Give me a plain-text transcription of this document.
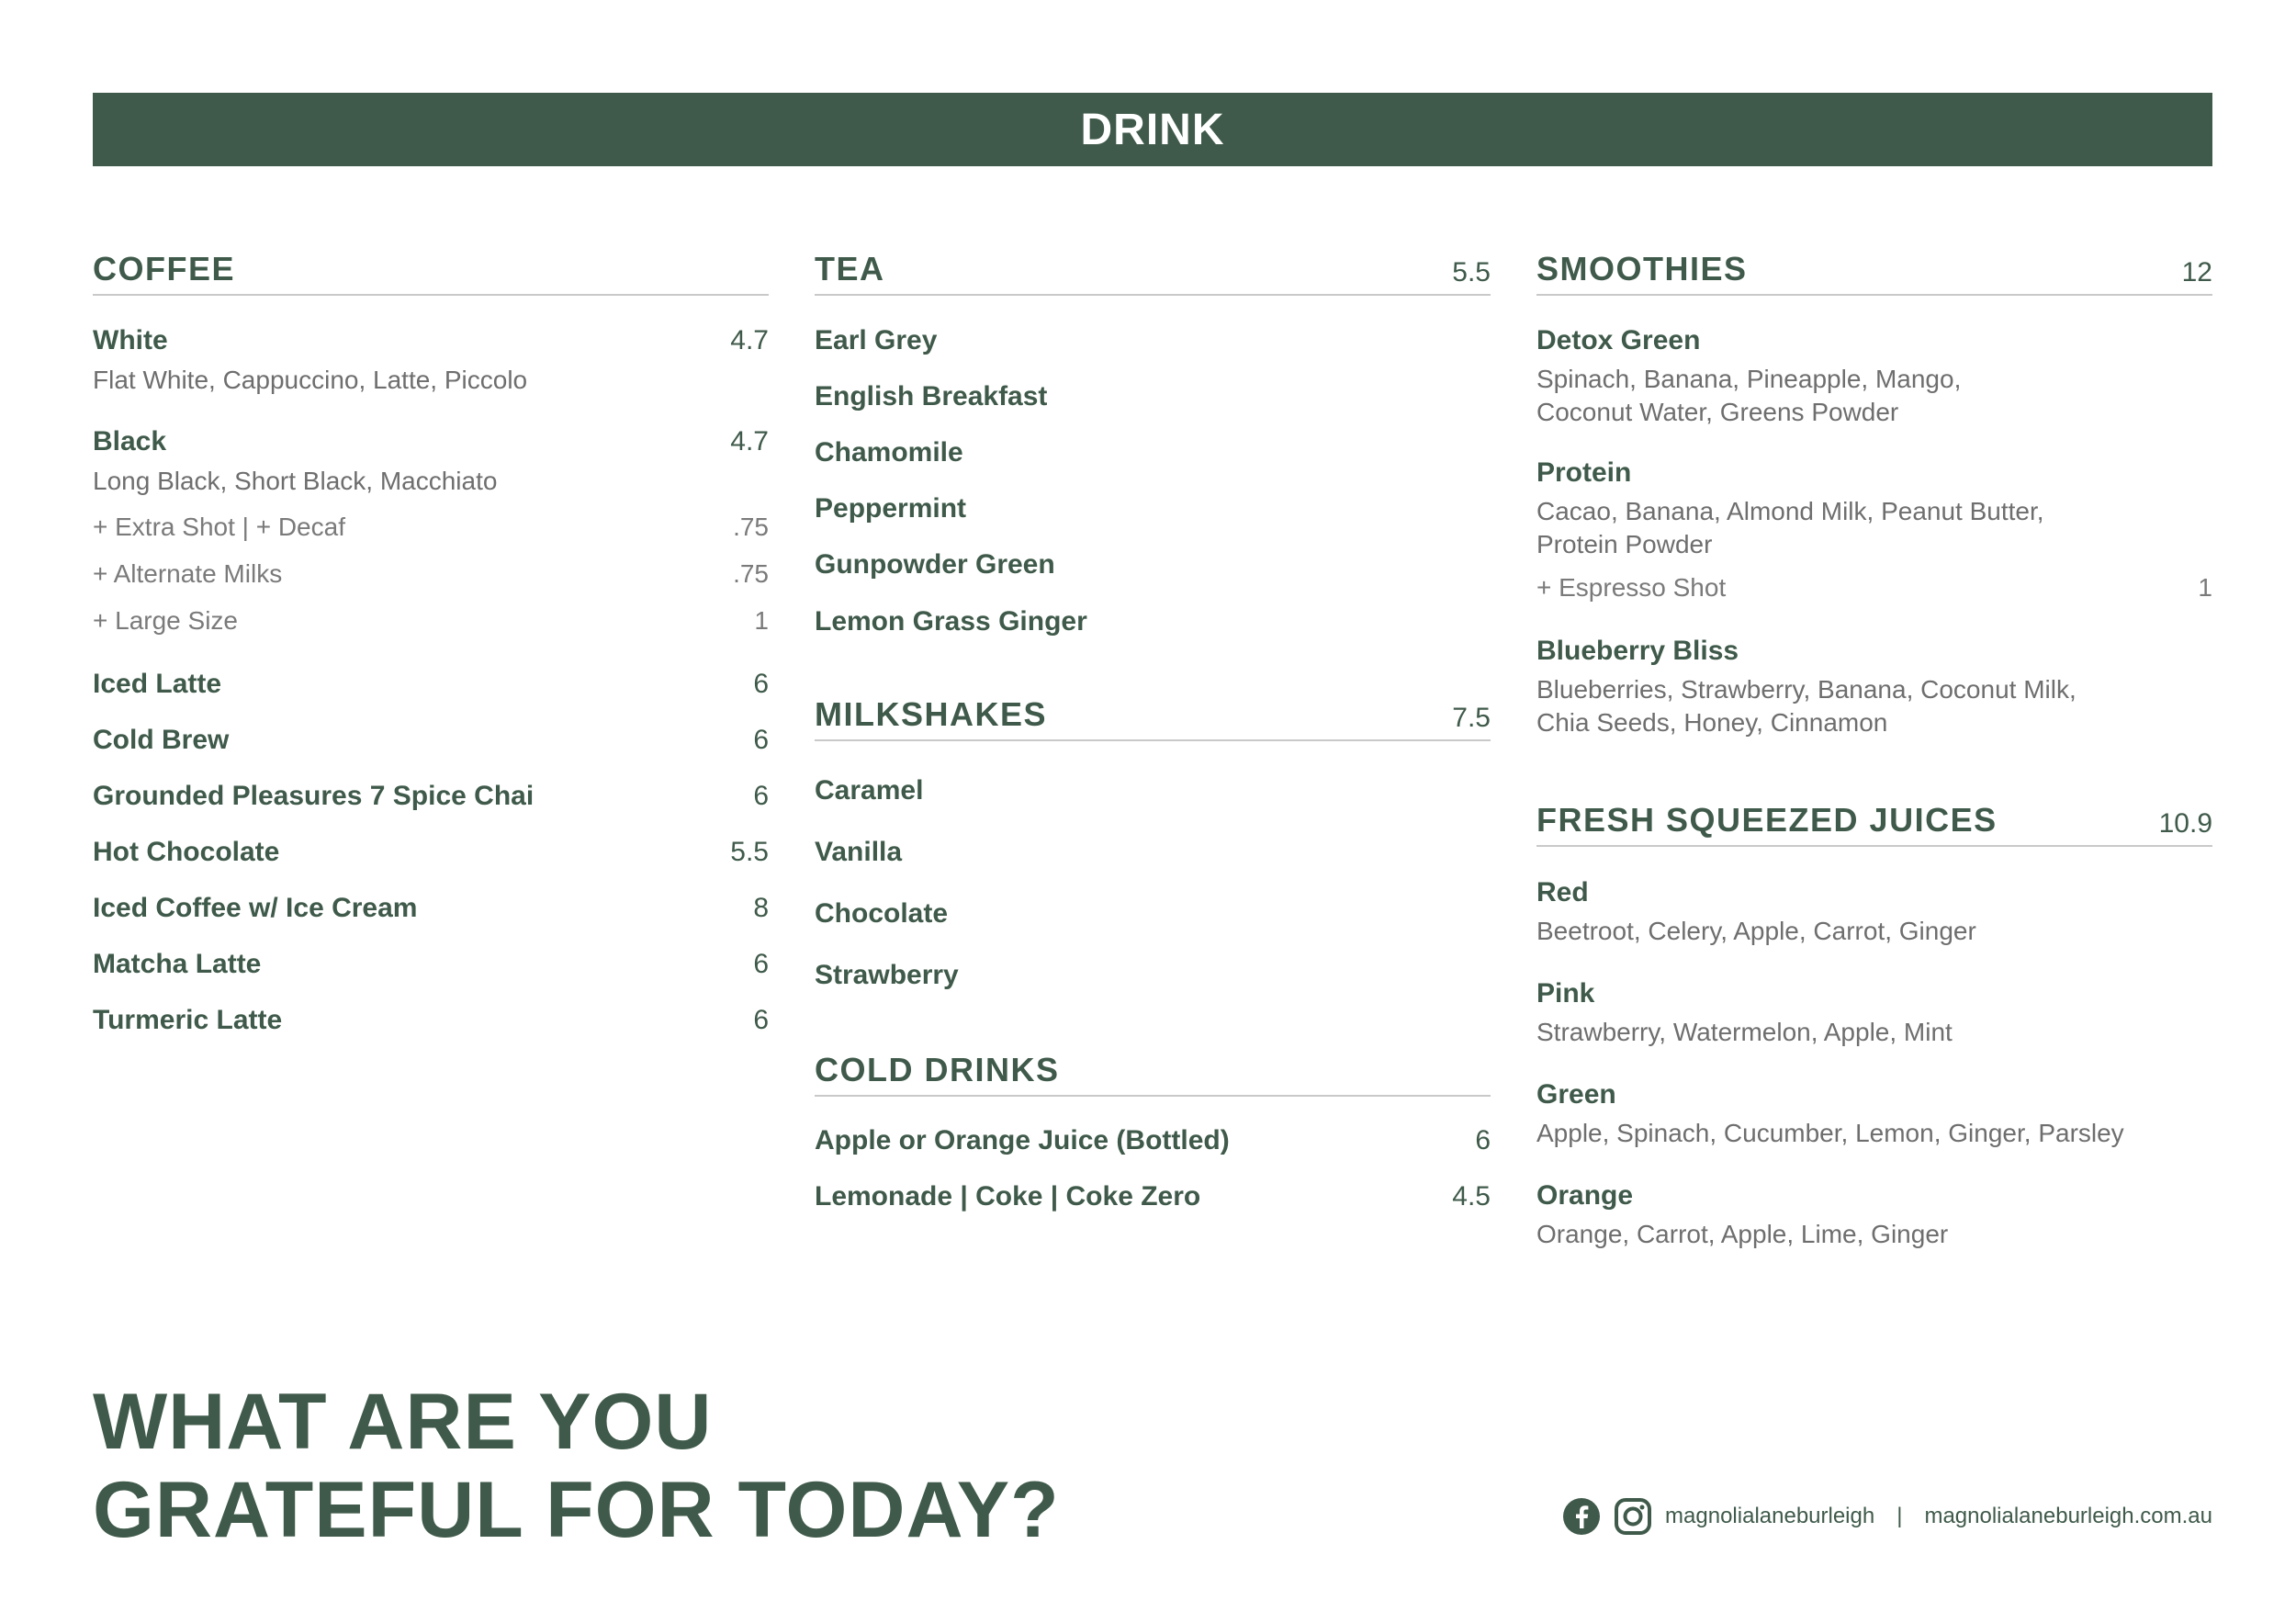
DRINK
COFFEE
White	4.7
Flat White, Cappuccino, Latte, Piccolo
Black	4.7
Long Black, Short Black, Macchiato
+ Extra Shot | + Decaf	.75
+ Alternate Milks	.75
+ Large Size	1
Iced Latte	6
Cold Brew	6
Grounded Pleasures 7 Spice Chai	6
Hot Chocolate	5.5
Iced Coffee w/ Ice Cream	8
Matcha Latte	6
Turmeric Latte	6
TEA	5.5
Earl Grey
English Breakfast
Chamomile
Peppermint
Gunpowder Green
Lemon Grass Ginger
MILKSHAKES	7.5
Caramel
Vanilla
Chocolate
Strawberry
COLD DRINKS
Apple or Orange Juice (Bottled)	6
Lemonade | Coke | Coke Zero	4.5
SMOOTHIES	12
Detox Green
Spinach, Banana, Pineapple, Mango,
Coconut Water, Greens Powder
Protein
Cacao, Banana, Almond Milk, Peanut Butter,
Protein Powder
+ Espresso Shot	1
Blueberry Bliss
Blueberries, Strawberry, Banana, Coconut Milk,
Chia Seeds, Honey, Cinnamon
FRESH SQUEEZED JUICES	10.9
Red
Beetroot, Celery, Apple, Carrot, Ginger
Pink
Strawberry, Watermelon, Apple, Mint
Green
Apple, Spinach, Cucumber, Lemon, Ginger, Parsley
Orange
Orange, Carrot, Apple, Lime, Ginger
WHAT ARE YOU
GRATEFUL FOR TODAY?	magnolialaneburleigh | magnolialaneburleigh.com.au
